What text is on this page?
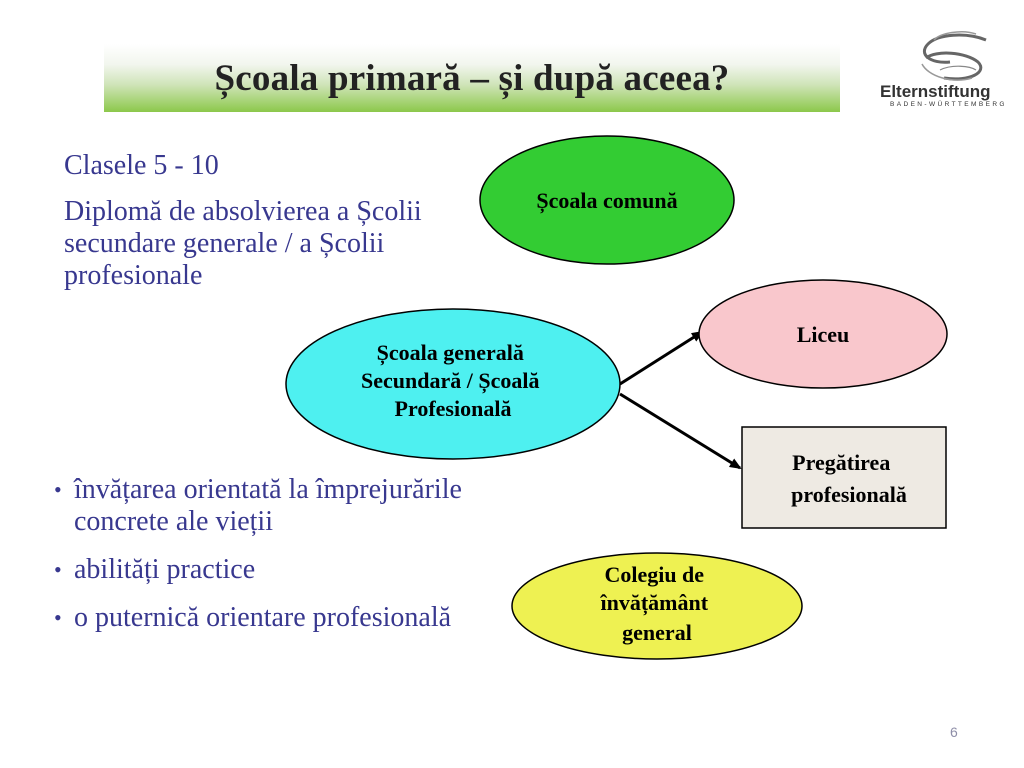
Școala primară – și după aceea?	Elternstiftung
BADEN-WÜRTTEMBERG

Clasele 5 - 10

Diplomă de absolvierea a Școlii secundare generale / a Școlii profesionale

• învățarea orientată la împrejurările concrete ale vieții
• abilități practice
• o puternică orientare profesională
Școala comună
Școala generală Secundară / Școală Profesională
Liceu
Pregătirea profesională
Colegiu de învățământ general
6
